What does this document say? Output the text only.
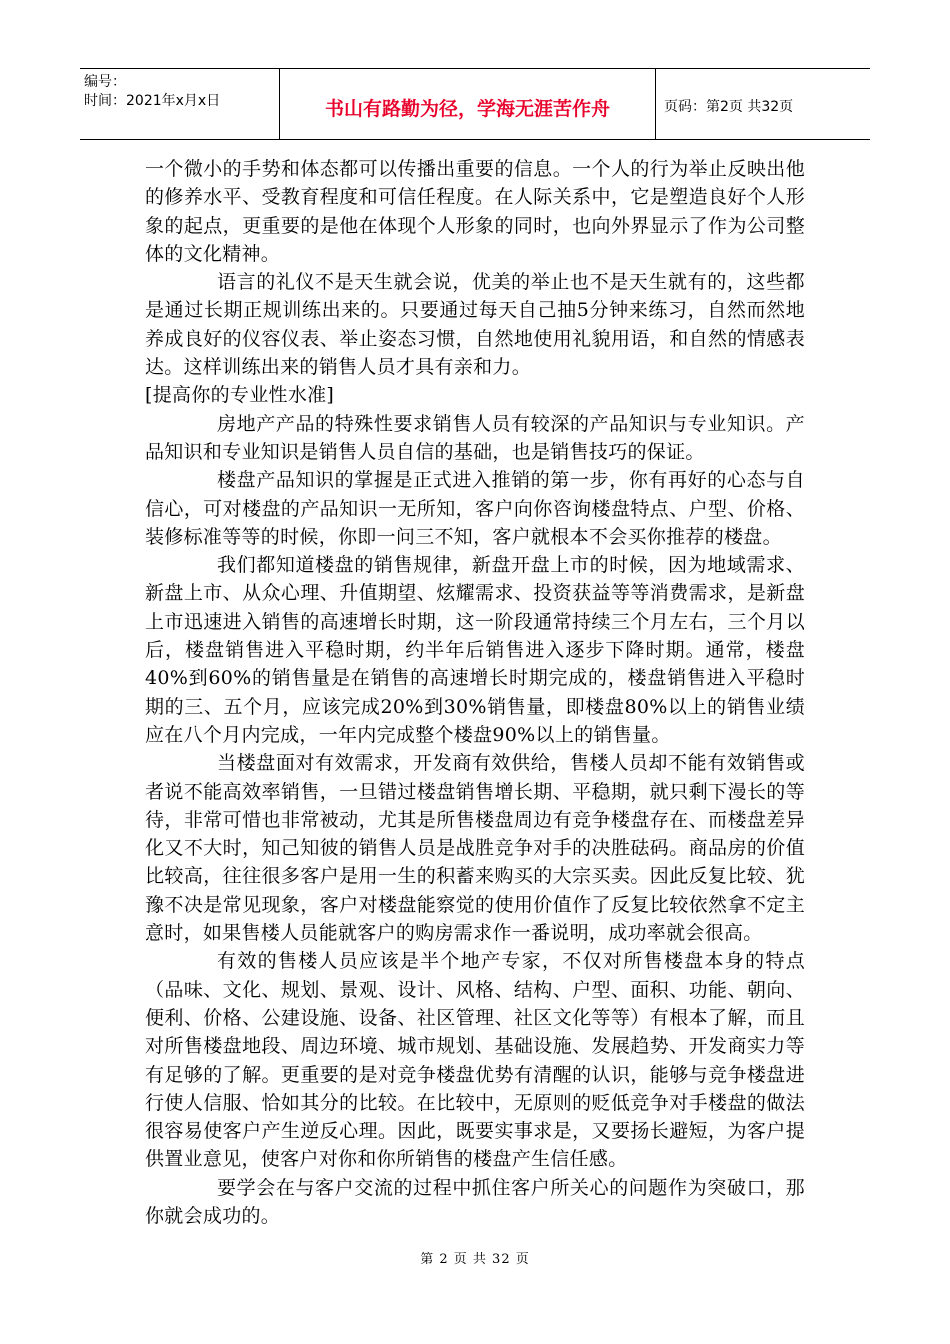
编号：
时间：2021年x月x日	书山有路勤为径，学海无涯苦作舟	页码：第2页 共32页

一个微小的手势和体态都可以传播出重要的信息。一个人的行为举止反映出他的修养水平、受教育程度和可信任程度。在人际关系中，它是塑造良好个人形象的起点，更重要的是他在体现个人形象的同时，也向外界显示了作为公司整体的文化精神。

语言的礼仪不是天生就会说，优美的举止也不是天生就有的，这些都是通过长期正规训练出来的。只要通过每天自己抽5分钟来练习，自然而然地养成良好的仪容仪表、举止姿态习惯，自然地使用礼貌用语，和自然的情感表达。这样训练出来的销售人员才具有亲和力。

[提高你的专业性水准]

房地产产品的特殊性要求销售人员有较深的产品知识与专业知识。产品知识和专业知识是销售人员自信的基础，也是销售技巧的保证。

楼盘产品知识的掌握是正式进入推销的第一步，你有再好的心态与自信心，可对楼盘的产品知识一无所知，客户向你咨询楼盘特点、户型、价格、装修标准等等的时候，你即一问三不知，客户就根本不会买你推荐的楼盘。

我们都知道楼盘的销售规律，新盘开盘上市的时候，因为地域需求、新盘上市、从众心理、升值期望、炫耀需求、投资获益等等消费需求，是新盘上市迅速进入销售的高速增长时期，这一阶段通常持续三个月左右，三个月以后，楼盘销售进入平稳时期，约半年后销售进入逐步下降时期。通常，楼盘40%到60%的销售量是在销售的高速增长时期完成的，楼盘销售进入平稳时期的三、五个月，应该完成20%到30%销售量，即楼盘80%以上的销售业绩应在八个月内完成，一年内完成整个楼盘90%以上的销售量。

当楼盘面对有效需求，开发商有效供给，售楼人员却不能有效销售或者说不能高效率销售，一旦错过楼盘销售增长期、平稳期，就只剩下漫长的等待，非常可惜也非常被动，尤其是所售楼盘周边有竞争楼盘存在、而楼盘差异化又不大时，知己知彼的销售人员是战胜竞争对手的决胜砝码。商品房的价值比较高，往往很多客户是用一生的积蓄来购买的大宗买卖。因此反复比较、犹豫不决是常见现象，客户对楼盘能察觉的使用价值作了反复比较依然拿不定主意时，如果售楼人员能就客户的购房需求作一番说明，成功率就会很高。

有效的售楼人员应该是半个地产专家，不仅对所售楼盘本身的特点（品味、文化、规划、景观、设计、风格、结构、户型、面积、功能、朝向、便利、价格、公建设施、设备、社区管理、社区文化等等）有根本了解，而且对所售楼盘地段、周边环境、城市规划、基础设施、发展趋势、开发商实力等有足够的了解。更重要的是对竞争楼盘优势有清醒的认识，能够与竞争楼盘进行使人信服、恰如其分的比较。在比较中，无原则的贬低竞争对手楼盘的做法很容易使客户产生逆反心理。因此，既要实事求是，又要扬长避短，为客户提供置业意见，使客户对你和你所销售的楼盘产生信任感。

要学会在与客户交流的过程中抓住客户所关心的问题作为突破口，那你就会成功的。

第 2 页 共 32 页
